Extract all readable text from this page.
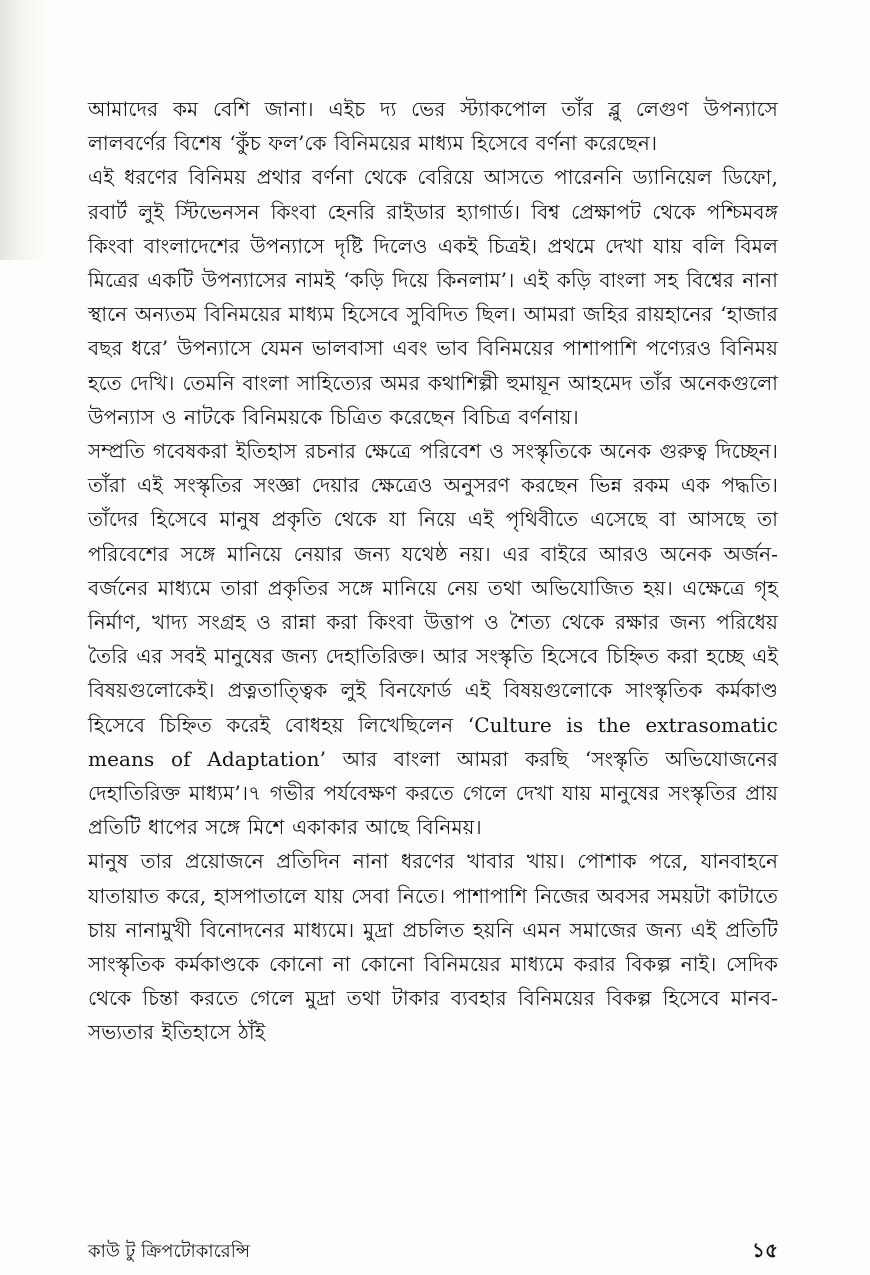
আমাদের কম বেশি জানা। এইচ দ্য ভের স্ট্যাকপোল তাঁর ব্লু লেগুণ উপন্যাসে লালবর্ণের বিশেষ ‘কুঁচ ফল’কে বিনিময়ের মাধ্যম হিসেবে বর্ণনা করেছেন।

এই ধরণের বিনিময় প্রথার বর্ণনা থেকে বেরিয়ে আসতে পারেননি ড্যানিয়েল ডিফো, রবার্ট লুই স্টিভেনসন কিংবা হেনরি রাইডার হ্যাগার্ড। বিশ্ব প্রেক্ষাপট থেকে পশ্চিমবঙ্গ কিংবা বাংলাদেশের উপন্যাসে দৃষ্টি দিলেও একই চিত্রই। প্রথমে দেখা যায় বলি বিমল মিত্রের একটি উপন্যাসের নামই ‘কড়ি দিয়ে কিনলাম’। এই কড়ি বাংলা সহ বিশ্বের নানা স্থানে অন্যতম বিনিময়ের মাধ্যম হিসেবে সুবিদিত ছিল। আমরা জহির রায়হানের ‘হাজার বছর ধরে’ উপন্যাসে যেমন ভালবাসা এবং ভাব বিনিময়ের পাশাপাশি পণ্যেরও বিনিময় হতে দেখি। তেমনি বাংলা সাহিত্যের অমর কথাশিল্পী হুমায়ূন আহমেদ তাঁর অনেকগুলো উপন্যাস ও নাটকে বিনিময়কে চিত্রিত করেছেন বিচিত্র বর্ণনায়।

সম্প্রতি গবেষকরা ইতিহাস রচনার ক্ষেত্রে পরিবেশ ও সংস্কৃতিকে অনেক গুরুত্ব দিচ্ছেন। তাঁরা এই সংস্কৃতির সংজ্ঞা দেয়ার ক্ষেত্রেও অনুসরণ করছেন ভিন্ন রকম এক পদ্ধতি। তাঁদের হিসেবে মানুষ প্রকৃতি থেকে যা নিয়ে এই পৃথিবীতে এসেছে বা আসছে তা পরিবেশের সঙ্গে মানিয়ে নেয়ার জন্য যথেষ্ঠ নয়। এর বাইরে আরও অনেক অর্জন-বর্জনের মাধ্যমে তারা প্রকৃতির সঙ্গে মানিয়ে নেয় তথা অভিযোজিত হয়। এক্ষেত্রে গৃহ নির্মাণ, খাদ্য সংগ্রহ ও রান্না করা কিংবা উত্তাপ ও শৈত্য থেকে রক্ষার জন্য পরিধেয় তৈরি এর সবই মানুষের জন্য দেহাতিরিক্ত। আর সংস্কৃতি হিসেবে চিহ্নিত করা হচ্ছে এই বিষয়গুলোকেই। প্রত্নতাত্ত্বিক লুই বিনফোর্ড এই বিষয়গুলোকে সাংস্কৃতিক কর্মকাণ্ড হিসেবে চিহ্নিত করেই বোধহয় লিখেছিলেন ‘Culture is the extrasomatic means of Adaptation’ আর বাংলা আমরা করছি ‘সংস্কৃতি অভিযোজনের দেহাতিরিক্ত মাধ্যম’।৭ গভীর পর্যবেক্ষণ করতে গেলে দেখা যায় মানুষের সংস্কৃতির প্রায় প্রতিটি ধাপের সঙ্গে মিশে একাকার আছে বিনিময়।

মানুষ তার প্রয়োজনে প্রতিদিন নানা ধরণের খাবার খায়। পোশাক পরে, যানবাহনে যাতায়াত করে, হাসপাতালে যায় সেবা নিতে। পাশাপাশি নিজের অবসর সময়টা কাটাতে চায় নানামুখী বিনোদনের মাধ্যমে। মুদ্রা প্রচলিত হয়নি এমন সমাজের জন্য এই প্রতিটি সাংস্কৃতিক কর্মকাণ্ডকে কোনো না কোনো বিনিময়ের মাধ্যমে করার বিকল্প নাই। সেদিক থেকে চিন্তা করতে গেলে মুদ্রা তথা টাকার ব্যবহার বিনিময়ের বিকল্প হিসেবে মানব-সভ্যতার ইতিহাসে ঠাঁই

কাউ টু ক্রিপটোকারেন্সি	১৫
